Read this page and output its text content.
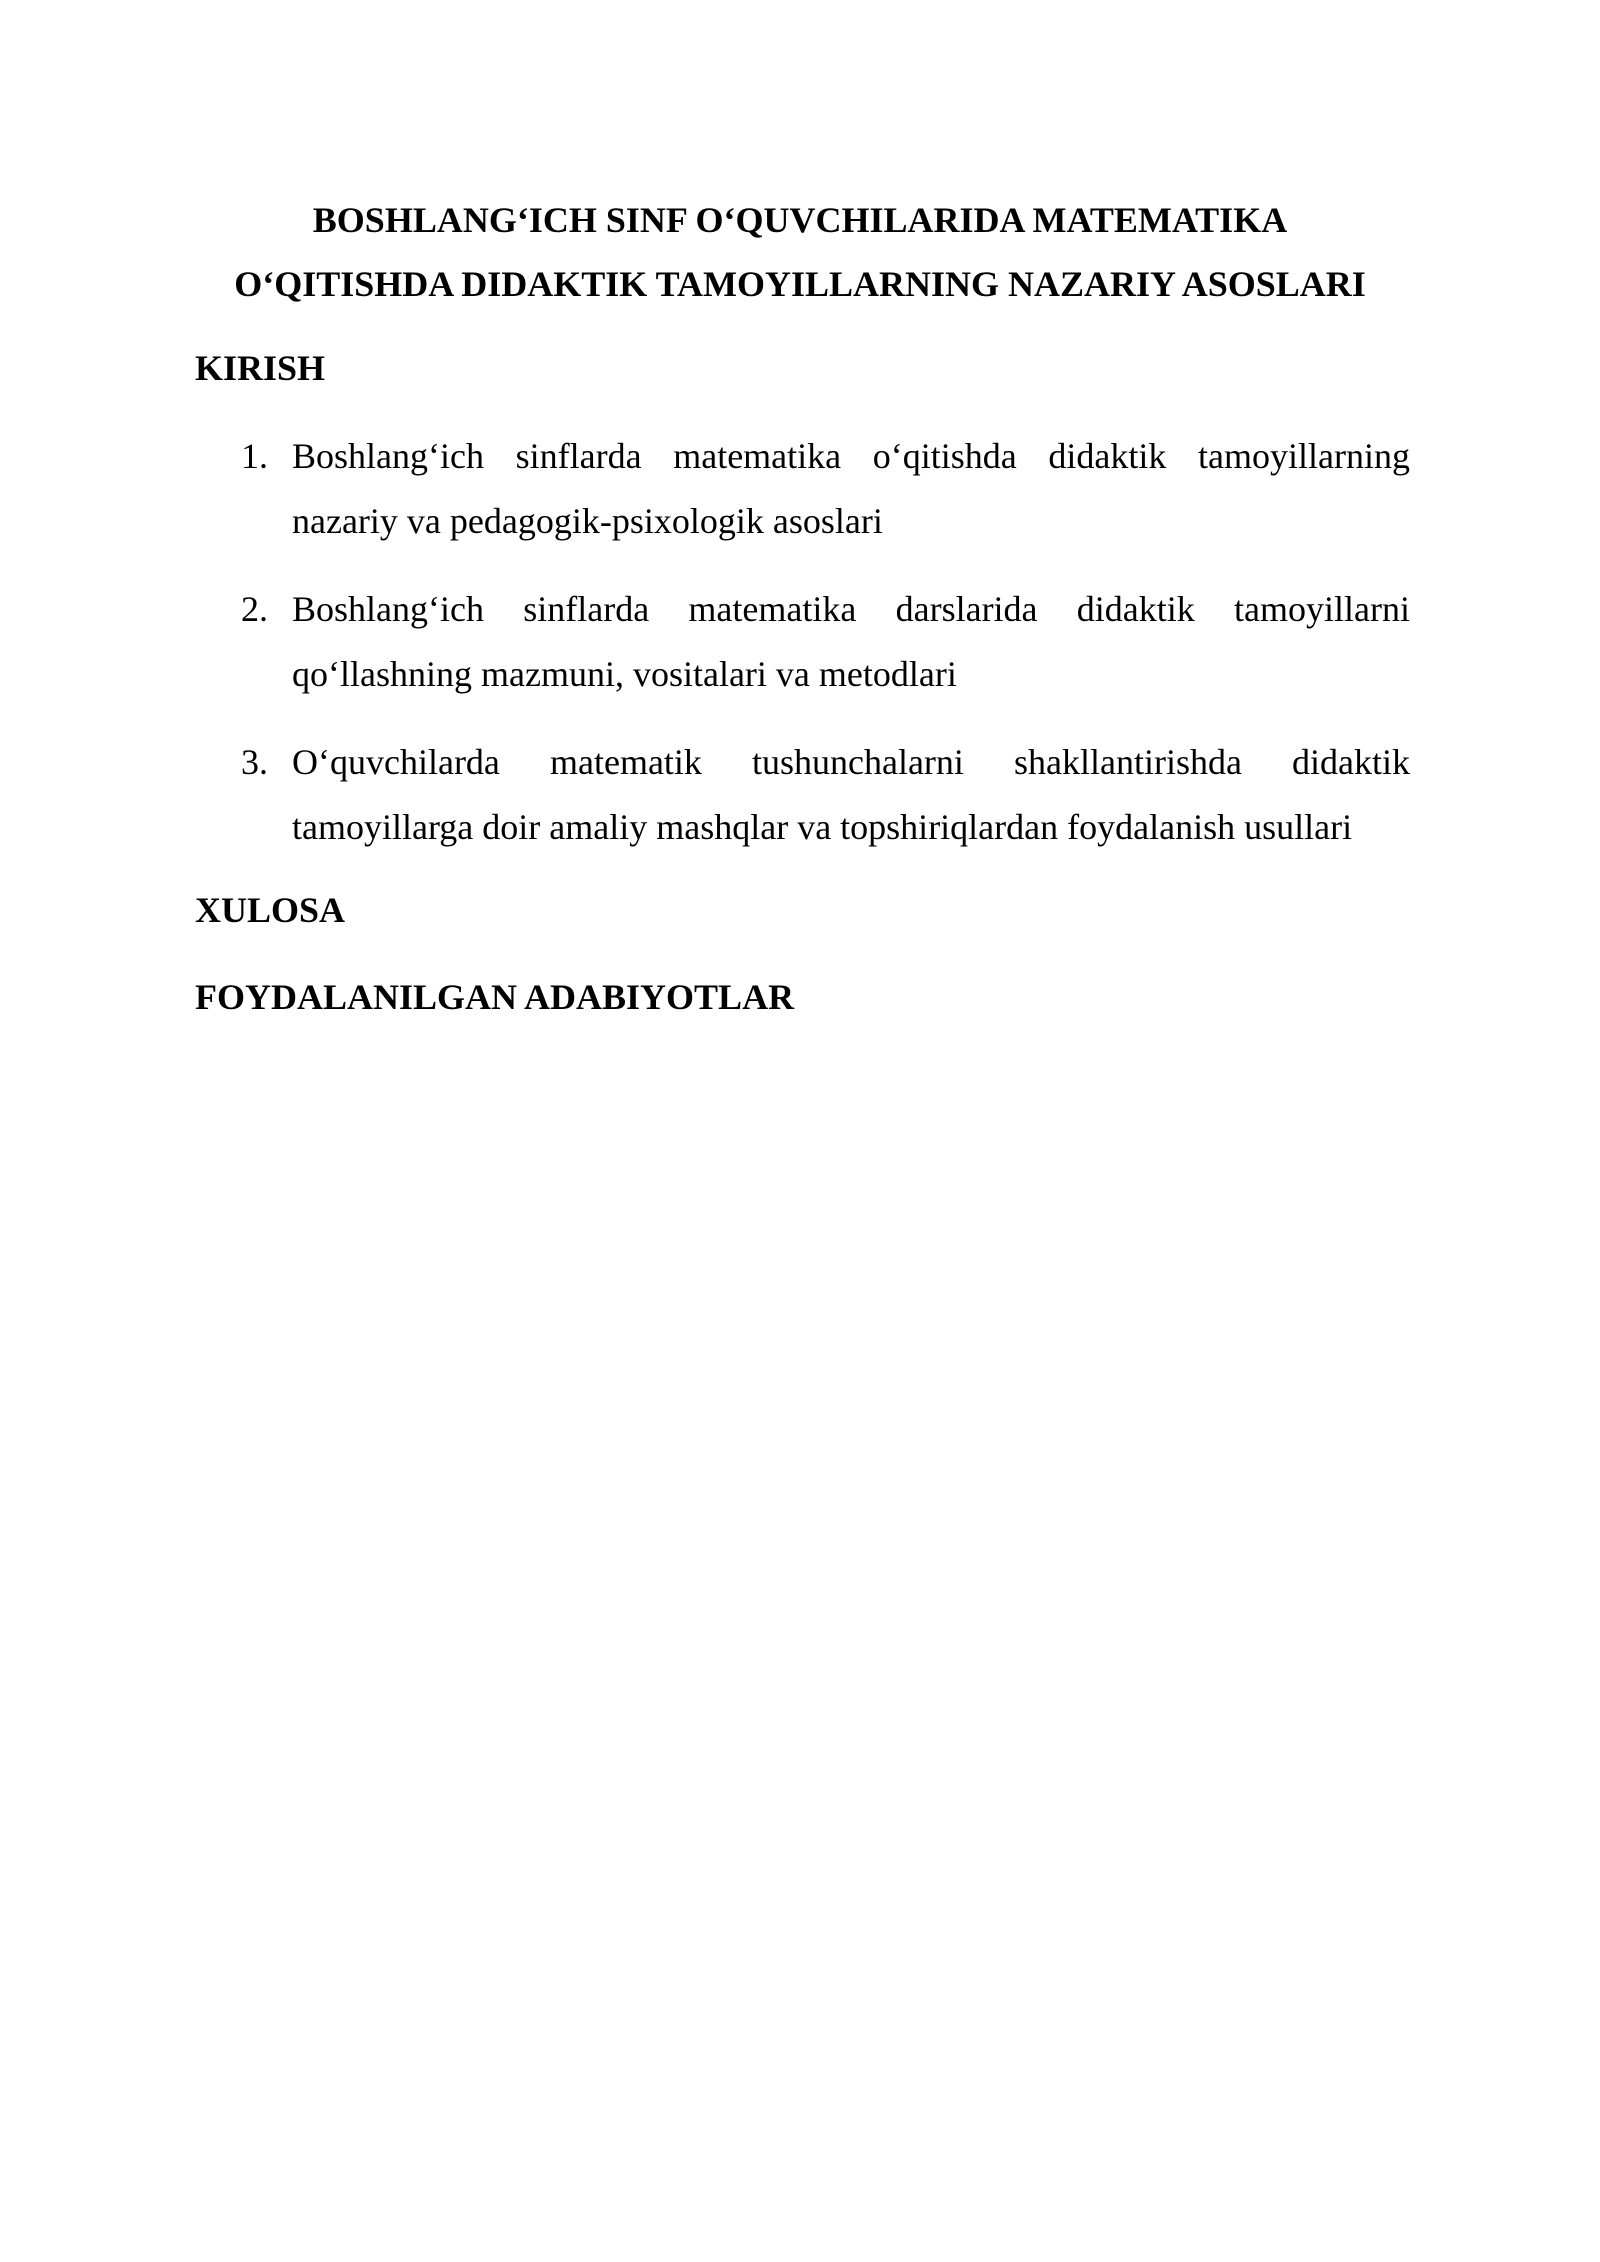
BOSHLANG‘ICH SINF O‘QUVCHILARIDA MATEMATIKA
O‘QITISHDA DIDAKTIK TAMOYILLARNING NAZARIY ASOSLARI
KIRISH
1. Boshlang‘ich sinflarda matematika o‘qitishda didaktik tamoyillarning
nazariy va pedagogik-psixologik asoslari
2. Boshlang‘ich sinflarda matematika darslarida didaktik tamoyillarni
qo‘llashning mazmuni, vositalari va metodlari
3. O‘quvchilarda matematik tushunchalarni shakllantirishda didaktik
tamoyillarga doir amaliy mashqlar va topshiriqlardan foydalanish usullari
XULOSA
FOYDALANILGAN ADABIYOTLAR
